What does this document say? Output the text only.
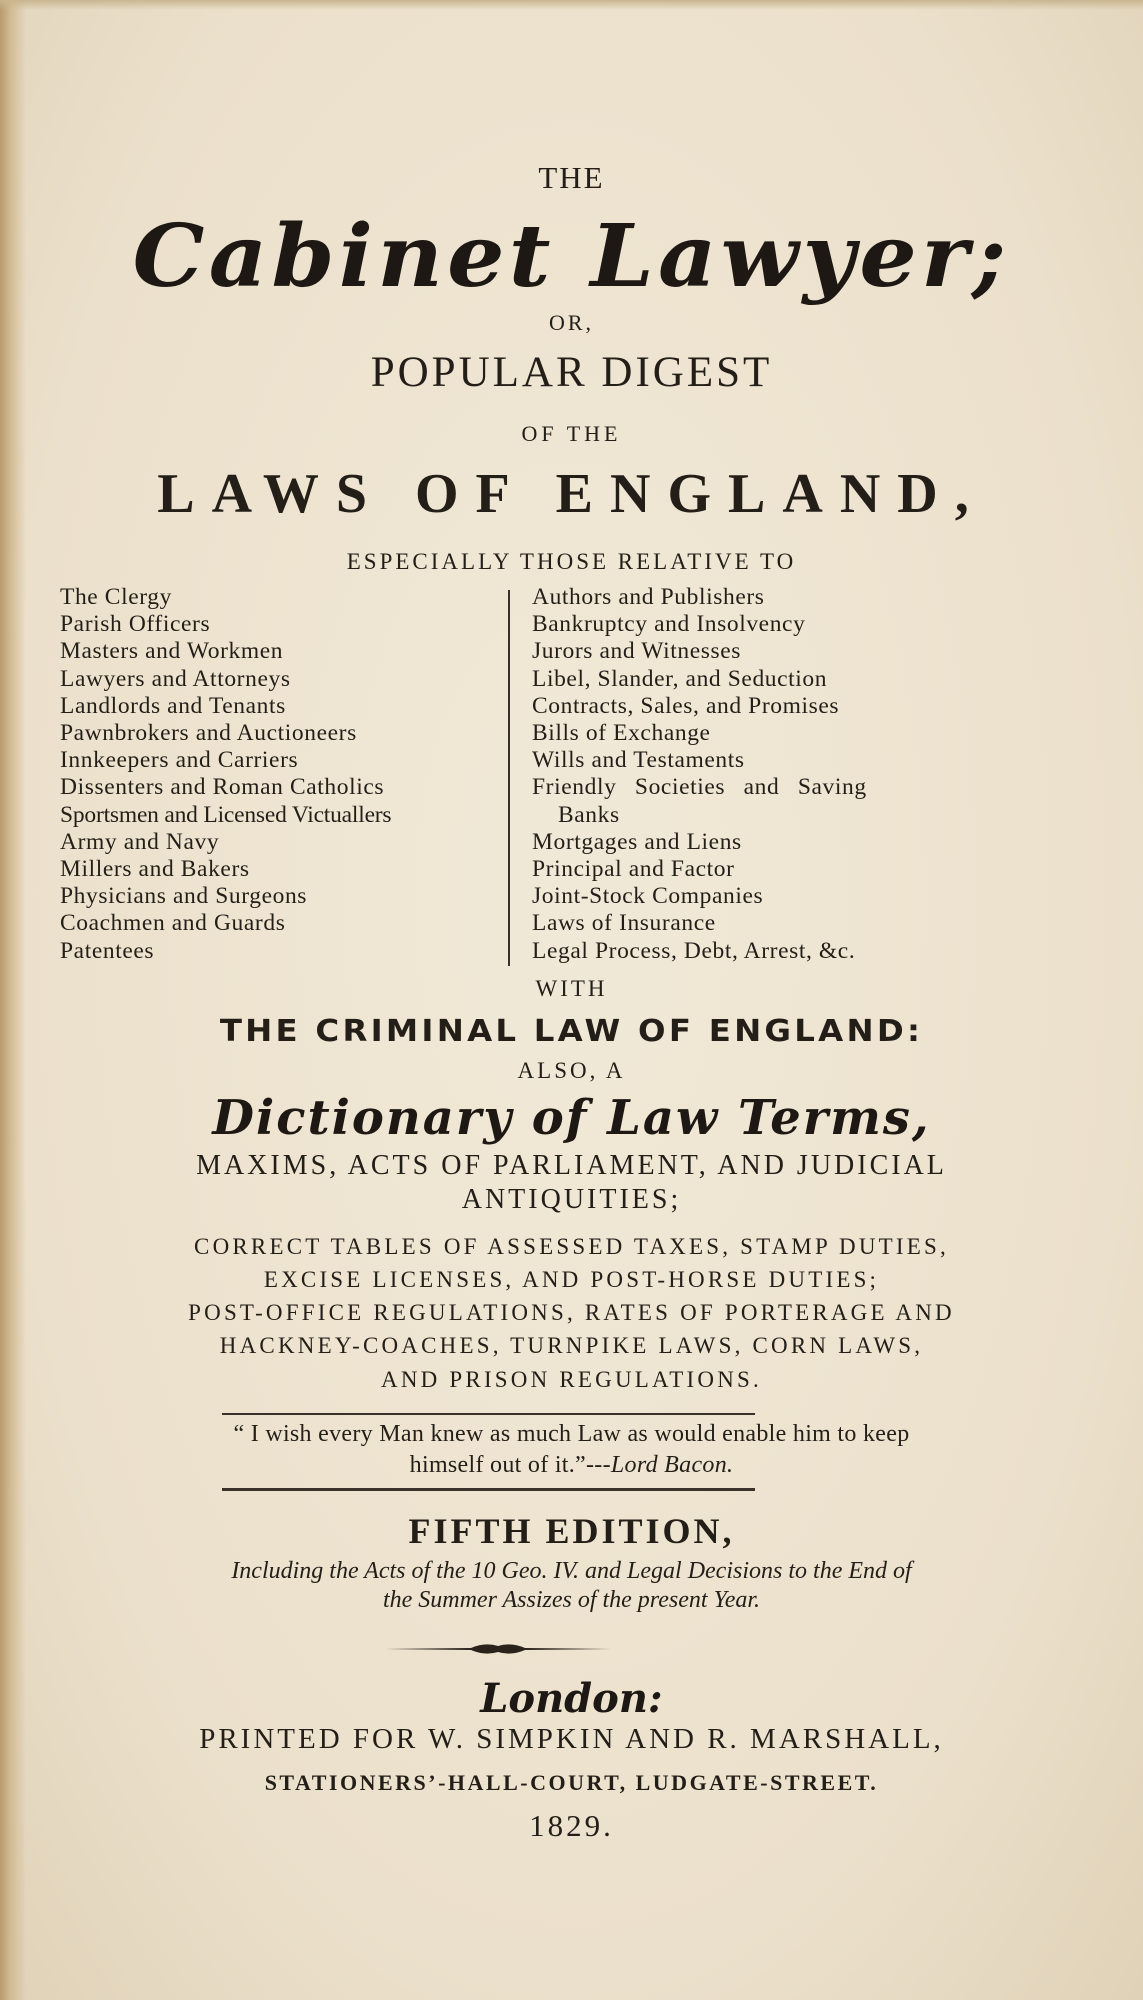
THE
Cabinet Lawyer;
OR,
POPULAR DIGEST
OF THE
LAWS OF ENGLAND,
ESPECIALLY THOSE RELATIVE TO
The Clergy
Parish Officers
Masters and Workmen
Lawyers and Attorneys
Landlords and Tenants
Pawnbrokers and Auctioneers
Innkeepers and Carriers
Dissenters and Roman Catholics
Sportsmen and Licensed Victuallers
Army and Navy
Millers and Bakers
Physicians and Surgeons
Coachmen and Guards
Patentees
Authors and Publishers
Bankruptcy and Insolvency
Jurors and Witnesses
Libel, Slander, and Seduction
Contracts, Sales, and Promises
Bills of Exchange
Wills and Testaments
Friendly Societies and Saving
Banks
Mortgages and Liens
Principal and Factor
Joint-Stock Companies
Laws of Insurance
Legal Process, Debt, Arrest, &c.
WITH
THE CRIMINAL LAW OF ENGLAND:
ALSO, A
Dictionary of Law Terms,
MAXIMS, ACTS OF PARLIAMENT, AND JUDICIAL
ANTIQUITIES;
CORRECT TABLES OF ASSESSED TAXES, STAMP DUTIES,
EXCISE LICENSES, AND POST-HORSE DUTIES;
POST-OFFICE REGULATIONS, RATES OF PORTERAGE AND
HACKNEY-COACHES, TURNPIKE LAWS, CORN LAWS,
AND PRISON REGULATIONS.
“ I wish every Man knew as much Law as would enable him to keep
himself out of it.”---Lord Bacon.
FIFTH EDITION,
Including the Acts of the 10 Geo. IV. and Legal Decisions to the End of
the Summer Assizes of the present Year.
London:
PRINTED FOR W. SIMPKIN AND R. MARSHALL,
STATIONERS’-HALL-COURT, LUDGATE-STREET.
1829.
